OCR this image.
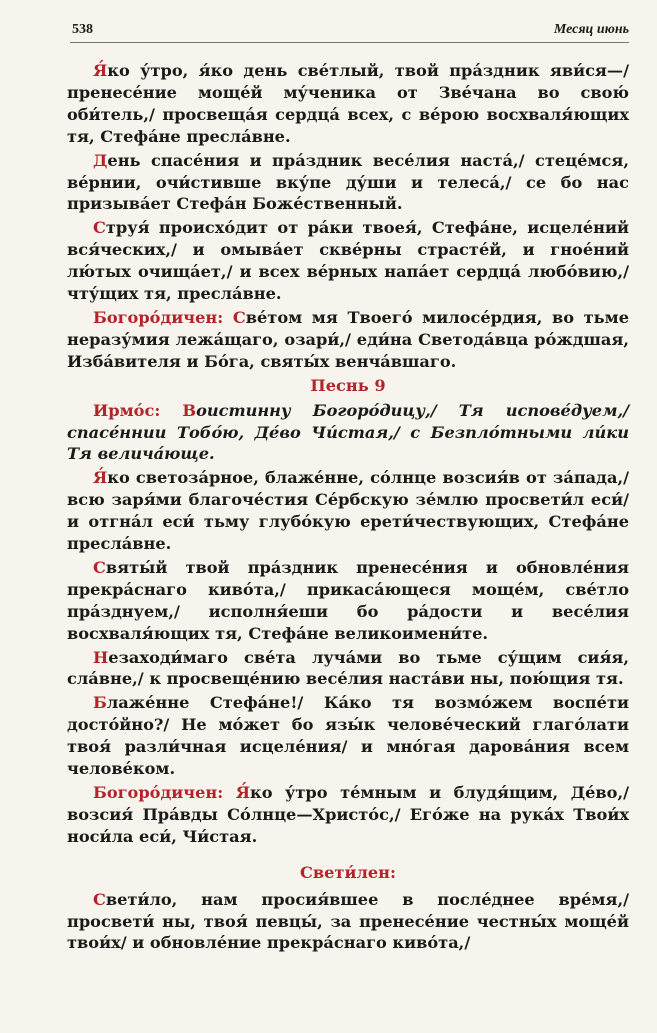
538	Месяц июнь

Я́ко у́тро, я́ко день све́тлый, твой пра́здник яви́ся—/ пренесе́ние моще́й му́ченика от Зве́чана во свою́ оби́тель,/ просвеща́я сердца́ всех, с ве́рою восхваля́ющих тя, Стефа́не пресла́вне.

День спасе́ния и пра́здник весе́лия наста́,/ стеце́мся, ве́рнии, очи́стивше вку́пе ду́ши и телеса́,/ се бо нас призыва́ет Стефа́н Боже́ственный.

Струя́ происхо́дит от ра́ки твоея́, Стефа́не, исцеле́ний вся́ческих,/ и омыва́ет скве́рны страсте́й, и гное́ний лю́тых очища́ет,/ и всех ве́рных напа́ет сердца́ любо́вию,/ чту́щих тя, пресла́вне.

Богоро́дичен: Све́том мя Твоего́ милосе́рдия, во тьме неразу́мия лежа́щаго, озари́,/ еди́на Светода́вца ро́ждшая, Изба́вителя и Бо́га, святы́х венча́вшаго.

Песнь 9

Ирмо́с: Воистинну Богоро́дицу,/ Тя испове́дуем,/ спасе́ннии Тобо́ю, Де́во Чи́стая,/ с Безпло́тными ли́ки Тя велича́юще.

Я́ко светоза́рное, блаже́нне, со́лнце возсия́в от за́пада,/ всю заря́ми благоче́стия Се́рбскую зе́млю просвети́л еси́/ и отгна́л еси́ тьму глубо́кую ерети́чествующих, Стефа́не пресла́вне.

Святы́й твой пра́здник пренесе́ния и обновле́ния прекра́снаго киво́та,/ прикаса́ющеся моще́м, све́тло пра́зднуем,/ исполня́еши бо ра́дости и весе́лия восхваля́ющих тя, Стефа́не великоимени́те.

Незаходи́маго све́та луча́ми во тьме су́щим сия́я, сла́вне,/ к просвеще́нию весе́лия наста́ви ны, пою́щия тя.

Блаже́нне Стефа́не!/ Ка́ко тя возмо́жем воспе́ти досто́йно?/ Не мо́жет бо язы́к челове́ческий глаго́лати твоя́ разли́чная исцеле́ния/ и мно́гая дарова́ния всем челове́ком.

Богоро́дичен: Я́ко у́тро те́мным и блудя́щим, Де́во,/ возсия́ Пра́вды Со́лнце—Христо́с,/ Его́же на рука́х Твои́х носи́ла еси́, Чи́стая.

Свети́лен:

Свети́ло, нам просия́вшее в после́днее вре́мя,/ просвети́ ны, твоя́ певцы́, за пренесе́ние честны́х моще́й твои́х/ и обновле́ние прекра́снаго киво́та,/
